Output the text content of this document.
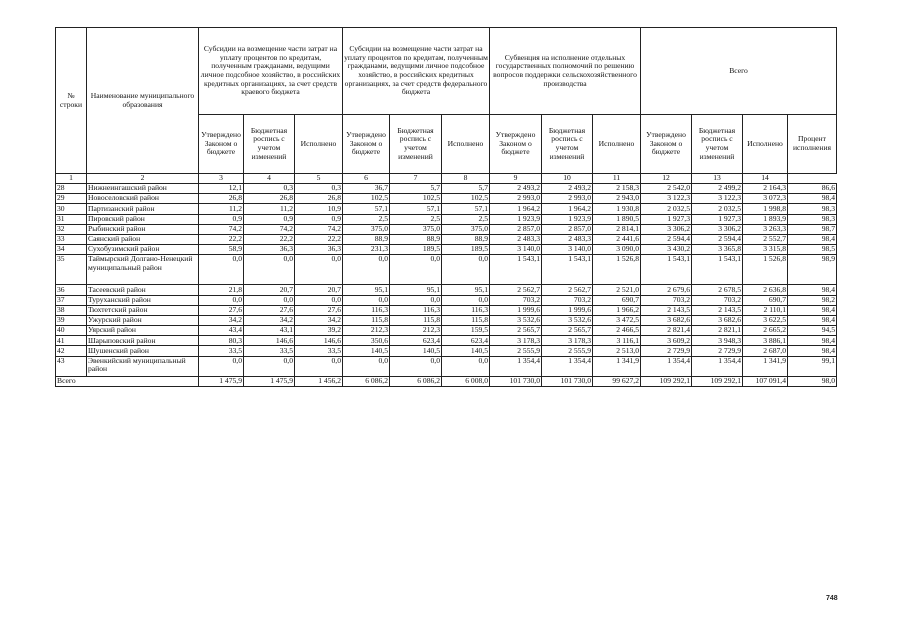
№ строки	Наименование муниципального образования	Субсидии на возмещение части затрат на уплату процентов по кредитам, полученным гражданами, ведущими личное подсобное хозяйство, в российских кредитных организациях, за счет средств краевого бюджета			Субсидии на возмещение части затрат на уплату процентов по кредитам, полученным гражданами, ведущими личное подсобное хозяйство, в российских кредитных организациях, за счет средств федерального бюджета			Субвенция на исполнение отдельных государственных полномочий по решению вопросов поддержки сельскохозяйственного производства			Всего			
		Утверждено Законом о бюджете	Бюджетная роспись с учетом изменений	Исполнено	Утверждено Законом о бюджете	Бюджетная роспись с учетом изменений	Исполнено	Утверждено Законом о бюджете	Бюджетная роспись с учетом изменений	Исполнено	Утверждено Законом о бюджете	Бюджетная роспись с учетом изменений	Исполнено	Процент исполнения
1	2	3	4	5	6	7	8	9	10	11	12	13	14	
28	Нижнеингашский район	12,1	0,3	0,3	36,7	5,7	5,7	2 493,2	2 493,2	2 158,3	2 542,0	2 499,2	2 164,3	86,6
29	Новоселовский район	26,8	26,8	26,8	102,5	102,5	102,5	2 993,0	2 993,0	2 943,0	3 122,3	3 122,3	3 072,3	98,4
30	Партизанский район	11,2	11,2	10,9	57,1	57,1	57,1	1 964,2	1 964,2	1 930,8	2 032,5	2 032,5	1 998,8	98,3
31	Пировский район	0,9	0,9	0,9	2,5	2,5	2,5	1 923,9	1 923,9	1 890,5	1 927,3	1 927,3	1 893,9	98,3
32	Рыбинский район	74,2	74,2	74,2	375,0	375,0	375,0	2 857,0	2 857,0	2 814,1	3 306,2	3 306,2	3 263,3	98,7
33	Саянский район	22,2	22,2	22,2	88,9	88,9	88,9	2 483,3	2 483,3	2 441,6	2 594,4	2 594,4	2 552,7	98,4
34	Сухобузимский район	58,9	36,3	36,3	231,3	189,5	189,5	3 140,0	3 140,0	3 090,0	3 430,2	3 365,8	3 315,8	98,5
35	Таймырский Долгано-Ненецкий муниципальный район	0,0	0,0	0,0	0,0	0,0	0,0	1 543,1	1 543,1	1 526,8	1 543,1	1 543,1	1 526,8	98,9
36	Тасеевский район	21,8	20,7	20,7	95,1	95,1	95,1	2 562,7	2 562,7	2 521,0	2 679,6	2 678,5	2 636,8	98,4
37	Туруханский район	0,0	0,0	0,0	0,0	0,0	0,0	703,2	703,2	690,7	703,2	703,2	690,7	98,2
38	Тюхтетский район	27,6	27,6	27,6	116,3	116,3	116,3	1 999,6	1 999,6	1 966,2	2 143,5	2 143,5	2 110,1	98,4
39	Ужурский район	34,2	34,2	34,2	115,8	115,8	115,8	3 532,6	3 532,6	3 472,5	3 682,6	3 682,6	3 622,5	98,4
40	Уярский район	43,4	43,1	39,2	212,3	212,3	159,5	2 565,7	2 565,7	2 466,5	2 821,4	2 821,1	2 665,2	94,5
41	Шарыповский район	80,3	146,6	146,6	350,6	623,4	623,4	3 178,3	3 178,3	3 116,1	3 609,2	3 948,3	3 886,1	98,4
42	Шушенский район	33,5	33,5	33,5	140,5	140,5	140,5	2 555,9	2 555,9	2 513,0	2 729,9	2 729,9	2 687,0	98,4
43	Эвенкийский муниципальный район	0,0	0,0	0,0	0,0	0,0	0,0	1 354,4	1 354,4	1 341,9	1 354,4	1 354,4	1 341,9	99,1
Всего		1 475,9	1 475,9	1 456,2	6 086,2	6 086,2	6 008,0	101 730,0	101 730,0	99 627,2	109 292,1	109 292,1	107 091,4	98,0
748
